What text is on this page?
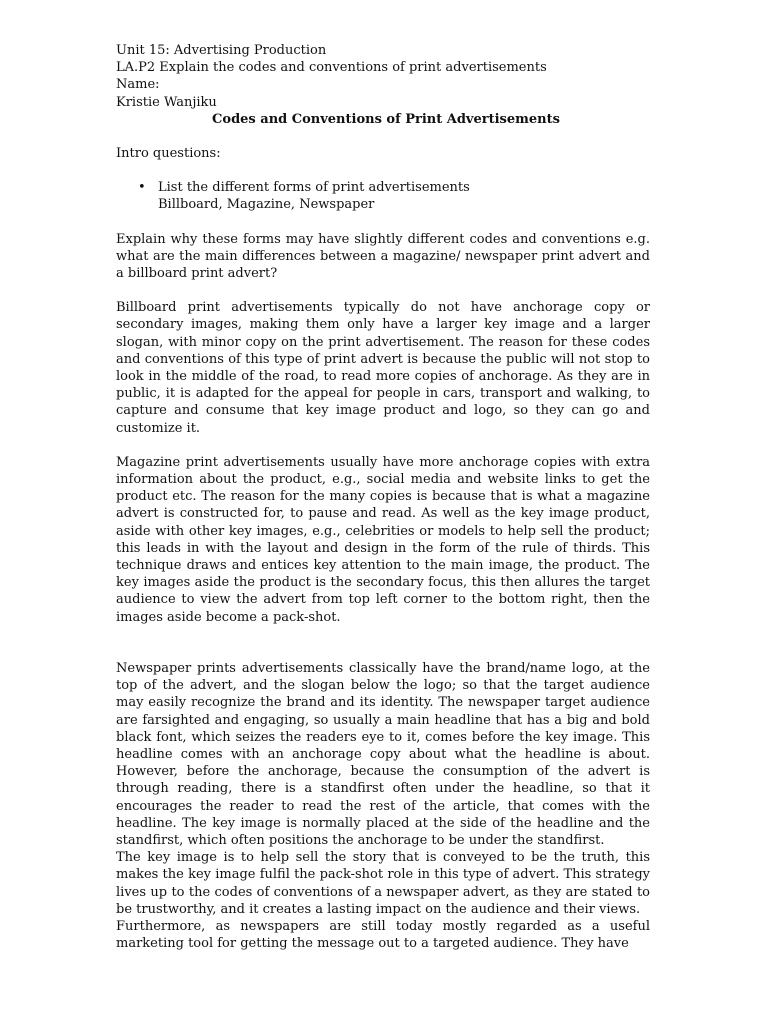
Unit 15: Advertising Production

LA.P2 Explain the codes and conventions of print advertisements

Name:

Kristie Wanjiku

Codes and Conventions of Print Advertisements

Intro questions:

• List the different forms of print advertisements

Billboard, Magazine, Newspaper

Explain why these forms may have slightly different codes and conventions e.g. what are the main differences between a magazine/ newspaper print advert and a billboard print advert?

Billboard print advertisements typically do not have anchorage copy or secondary images, making them only have a larger key image and a larger slogan, with minor copy on the print advertisement. The reason for these codes and conventions of this type of print advert is because the public will not stop to look in the middle of the road, to read more copies of anchorage. As they are in public, it is adapted for the appeal for people in cars, transport and walking, to capture and consume that key image product and logo, so they can go and customize it.

Magazine print advertisements usually have more anchorage copies with extra information about the product, e.g., social media and website links to get the product etc. The reason for the many copies is because that is what a magazine advert is constructed for, to pause and read. As well as the key image product, aside with other key images, e.g., celebrities or models to help sell the product; this leads in with the layout and design in the form of the rule of thirds. This technique draws and entices key attention to the main image, the product. The key images aside the product is the secondary focus, this then allures the target audience to view the advert from top left corner to the bottom right, then the images aside become a pack-shot.

Newspaper prints advertisements classically have the brand/name logo, at the top of the advert, and the slogan below the logo; so that the target audience may easily recognize the brand and its identity. The newspaper target audience are farsighted and engaging, so usually a main headline that has a big and bold black font, which seizes the readers eye to it, comes before the key image. This headline comes with an anchorage copy about what the headline is about. However, before the anchorage, because the consumption of the advert is through reading, there is a standfirst often under the headline, so that it encourages the reader to read the rest of the article, that comes with the headline. The key image is normally placed at the side of the headline and the standfirst, which often positions the anchorage to be under the standfirst.

The key image is to help sell the story that is conveyed to be the truth, this makes the key image fulfil the pack-shot role in this type of advert. This strategy lives up to the codes of conventions of a newspaper advert, as they are stated to be trustworthy, and it creates a lasting impact on the audience and their views.

Furthermore, as newspapers are still today mostly regarded as a useful marketing tool for getting the message out to a targeted audience. They have
